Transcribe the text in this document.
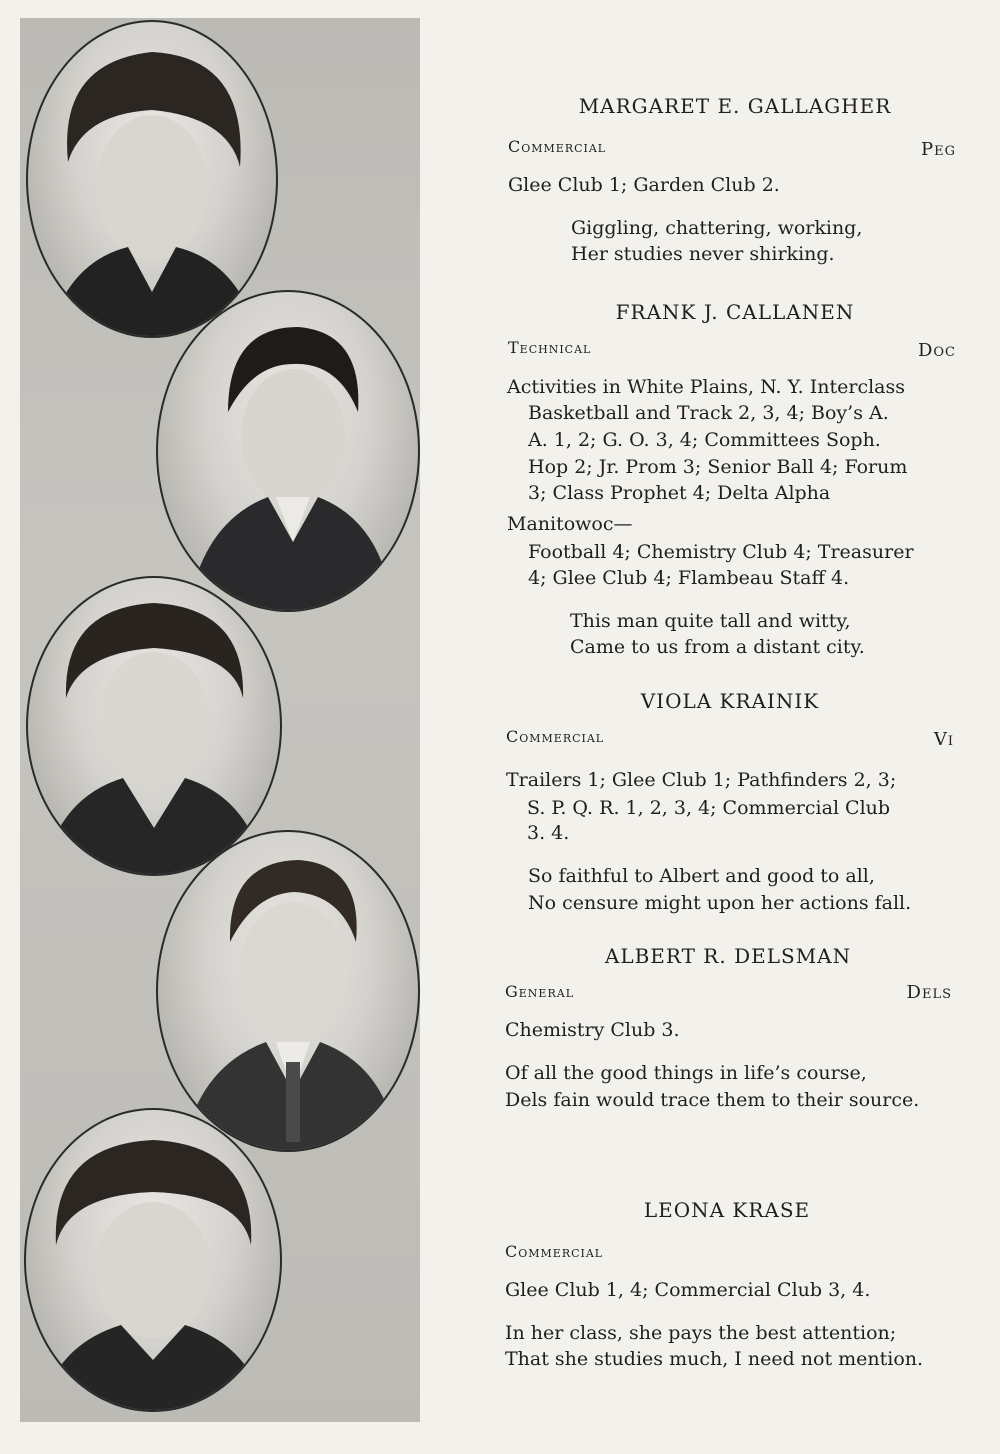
MARGARET E. GALLAGHER
Commercial	Peg
Glee Club 1; Garden Club 2.
Giggling, chattering, working,
Her studies never shirking.
FRANK J. CALLANEN
Technical	Doc
Activities in White Plains, N. Y. Interclass
Basketball and Track 2, 3, 4; Boy’s A.
A. 1, 2; G. O. 3, 4; Committees Soph.
Hop 2; Jr. Prom 3; Senior Ball 4; Forum
3; Class Prophet 4; Delta Alpha
Manitowoc—
Football 4; Chemistry Club 4; Treasurer
4; Glee Club 4; Flambeau Staff 4.
This man quite tall and witty,
Came to us from a distant city.
VIOLA KRAINIK
Commercial	Vi
Trailers 1; Glee Club 1; Pathfinders 2, 3;
S. P. Q. R. 1, 2, 3, 4; Commercial Club
3. 4.
So faithful to Albert and good to all,
No censure might upon her actions fall.
ALBERT R. DELSMAN
General	Dels
Chemistry Club 3.
Of all the good things in life’s course,
Dels fain would trace them to their source.
LEONA KRASE
Commercial
Glee Club 1, 4; Commercial Club 3, 4.
In her class, she pays the best attention;
That she studies much, I need not mention.
